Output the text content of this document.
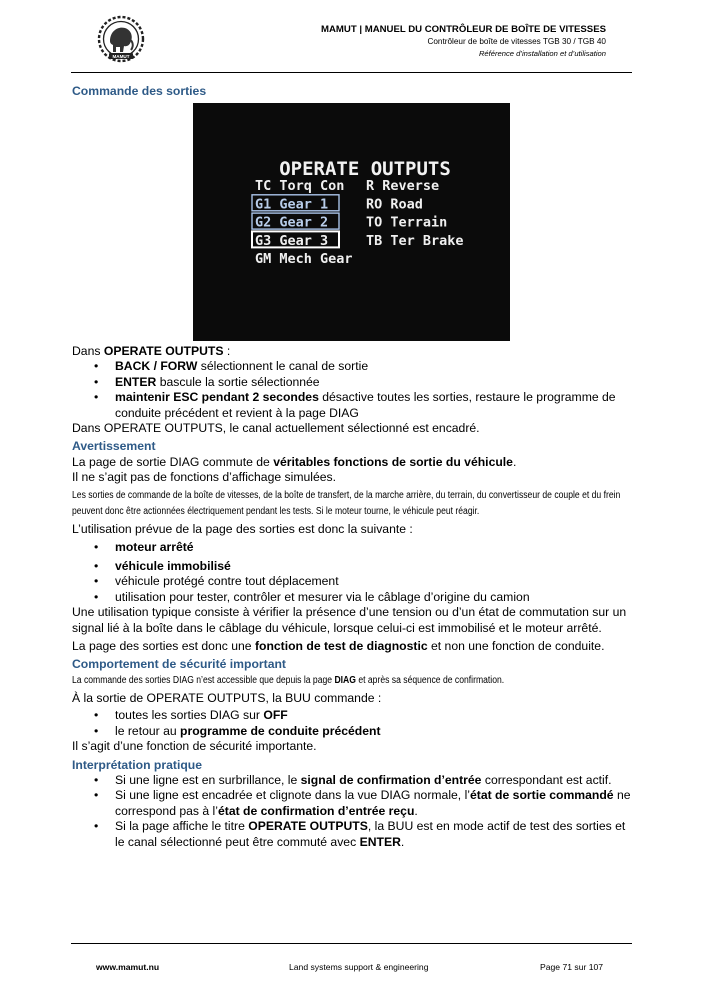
MAMUT
MAMUT | MANUEL DU CONTRÔLEUR DE BOÎTE DE VITESSES
Contrôleur de boîte de vitesses TGB 30 / TGB 40
Référence d’installation et d’utilisation
Commande des sorties
OPERATE OUTPUTS
TC Torq Con
G1 Gear 1
G2 Gear 2
G3 Gear 3
GM Mech Gear
R Reverse
RO Road
TO Terrain
TB Ter Brake

Dans OPERATE OUTPUTS :

• BACK / FORW sélectionnent le canal de sortie
• ENTER bascule la sortie sélectionnée
• maintenir ESC pendant 2 secondes désactive toutes les sorties, restaure le programme de conduite précédent et revient à la page DIAG

Dans OPERATE OUTPUTS, le canal actuellement sélectionné est encadré.

Avertissement

La page de sortie DIAG commute de véritables fonctions de sortie du véhicule.

Il ne s’agit pas de fonctions d’affichage simulées.

Les sorties de commande de la boîte de vitesses, de la boîte de transfert, de la marche arrière, du terrain, du convertisseur de couple et du frein peuvent donc être actionnées électriquement pendant les tests. Si le moteur tourne, le véhicule peut réagir.

L’utilisation prévue de la page des sorties est donc la suivante :

• moteur arrêté
• véhicule immobilisé
• véhicule protégé contre tout déplacement
• utilisation pour tester, contrôler et mesurer via le câblage d’origine du camion

Une utilisation typique consiste à vérifier la présence d’une tension ou d’un état de commutation sur un signal lié à la boîte dans le câblage du véhicule, lorsque celui-ci est immobilisé et le moteur arrêté.

La page des sorties est donc une fonction de test de diagnostic et non une fonction de conduite.

Comportement de sécurité important

La commande des sorties DIAG n’est accessible que depuis la page DIAG et après sa séquence de confirmation.

À la sortie de OPERATE OUTPUTS, la BUU commande :

• toutes les sorties DIAG sur OFF
• le retour au programme de conduite précédent

Il s’agit d’une fonction de sécurité importante.

Interprétation pratique

• Si une ligne est en surbrillance, le signal de confirmation d’entrée correspondant est actif.
• Si une ligne est encadrée et clignote dans la vue DIAG normale, l’état de sortie commandé ne correspond pas à l’état de confirmation d’entrée reçu.
• Si la page affiche le titre OPERATE OUTPUTS, la BUU est en mode actif de test des sorties et le canal sélectionné peut être commuté avec ENTER.
www.mamut.nu	Land systems support & engineering	Page 71 sur 107
